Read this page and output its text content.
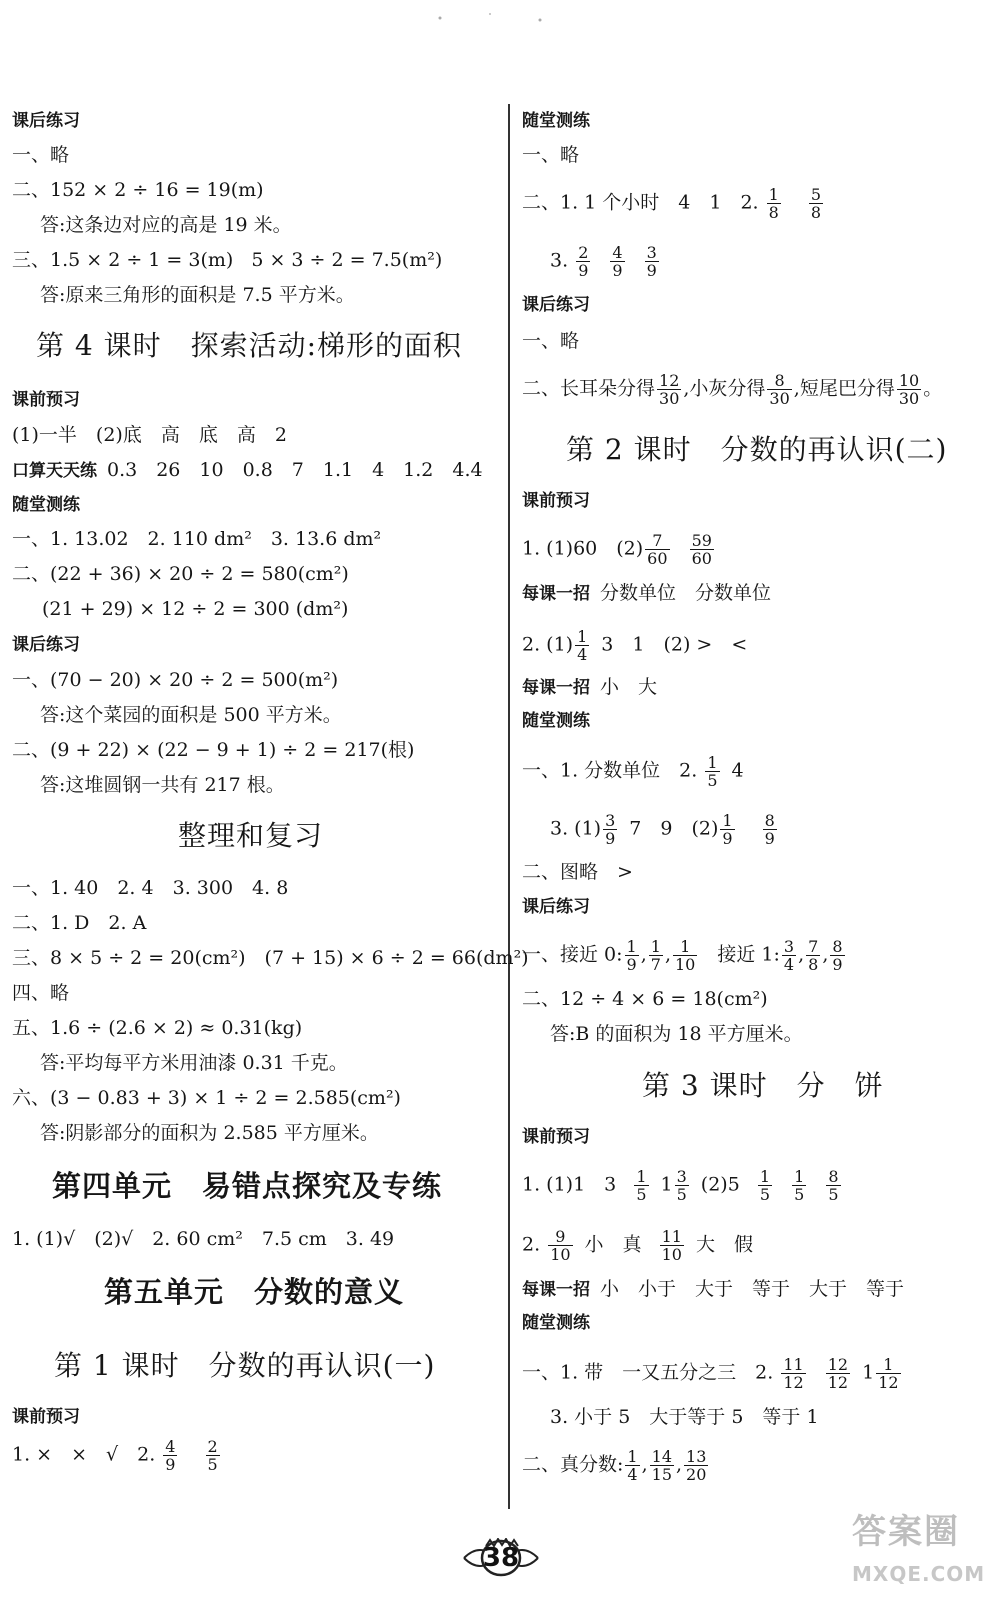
课后练习
一、略
二、152 × 2 ÷ 16 = 19(m)
答:这条边对应的高是 19 米。
三、1.5 × 2 ÷ 1 = 3(m) 5 × 3 ÷ 2 = 7.5(m²)
答:原来三角形的面积是 7.5 平方米。
第 4 课时　探索活动:梯形的面积
课前预习
(1)一半　(2)底　高　底　高　2
口算天天练 0.3　26　10　0.8　7　1.1　4　1.2　4.4
随堂测练
一、1. 13.02　2. 110 dm²　3. 13.6 dm²
二、(22 + 36) × 20 ÷ 2 = 580(cm²)
(21 + 29) × 12 ÷ 2 = 300 (dm²)
课后练习
一、(70 − 20) × 20 ÷ 2 = 500(m²)
答:这个菜园的面积是 500 平方米。
二、(9 + 22) × (22 − 9 + 1) ÷ 2 = 217(根)
答:这堆圆钢一共有 217 根。
整理和复习
一、1. 40　2. 4　3. 300　4. 8
二、1. D　2. A
三、8 × 5 ÷ 2 = 20(cm²)　(7 + 15) × 6 ÷ 2 = 66(dm²)
四、略
五、1.6 ÷ (2.6 × 2) ≈ 0.31(kg)
答:平均每平方米用油漆 0.31 千克。
六、(3 − 0.83 + 3) × 1 ÷ 2 = 2.585(cm²)
答:阴影部分的面积为 2.585 平方厘米。
第四单元　易错点探究及专练
1. (1)√　(2)√　2. 60 cm²　7.5 cm　3. 49
第五单元　分数的意义
第 1 课时　分数的再认识(一)
课前预习
1. ×　×　√　2. $\frac{4}{9}$
$\frac{2}{5}$
随堂测练
一、略
二、1. 1 个小时　4　1　2. $\frac{1}{8}$
$\frac{5}{8}$
3. $\frac{2}{9}$
$\frac{4}{9}$
$\frac{3}{9}$
课后练习
一、略
二、长耳朵分得 $\frac{12}{30}$ ,小灰分得 $\frac{8}{30}$ ,短尾巴分得 $\frac{10}{30}$ 。
第 2 课时　分数的再认识(二)
课前预习
1. (1)60　$(2) \frac{7}{60}$
$\frac{59}{60}$
每课一招 分数单位　分数单位
2. $(1) \frac{1}{4} 3$　1　(2) >　<
每课一招 小　大
随堂测练
一、1. 分数单位　2. $\frac{1}{5} 4$
3. $(1) \frac{3}{9} 7$　9　$(2) \frac{1}{9}$
$\frac{8}{9}$
二、图略　>
课后练习
一、接近 0: $\frac{1}{9}$ , $\frac{1}{7}$ , $\frac{1}{10}$ 接近 1: $\frac{3}{4}$ , $\frac{7}{8}$ , $\frac{8}{9}$
二、12 ÷ 4 × 6 = 18(cm²)
答:B 的面积为 18 平方厘米。
第 3 课时　分　饼
课前预习
1. (1)1　$3 \frac{1}{5} 1 \frac{3}{5} (2)5 \frac{1}{5}$
$\frac{1}{5}$
$\frac{8}{5}$
2. $\frac{9}{10}$ 小　真 $\frac{11}{10}$ 大　假
每课一招 小　小于　大于　等于　大于　等于
随堂测练
一、1. 带　一又五分之三　2. $\frac{11}{12}$
$\frac{12}{12} 1 \frac{1}{12}$
3. 小于 5　大于等于 5　等于 1
二、真分数: $\frac{1}{4}$ , $\frac{14}{15}$ , $\frac{13}{20}$
38
答案圈
MXQE.COM
